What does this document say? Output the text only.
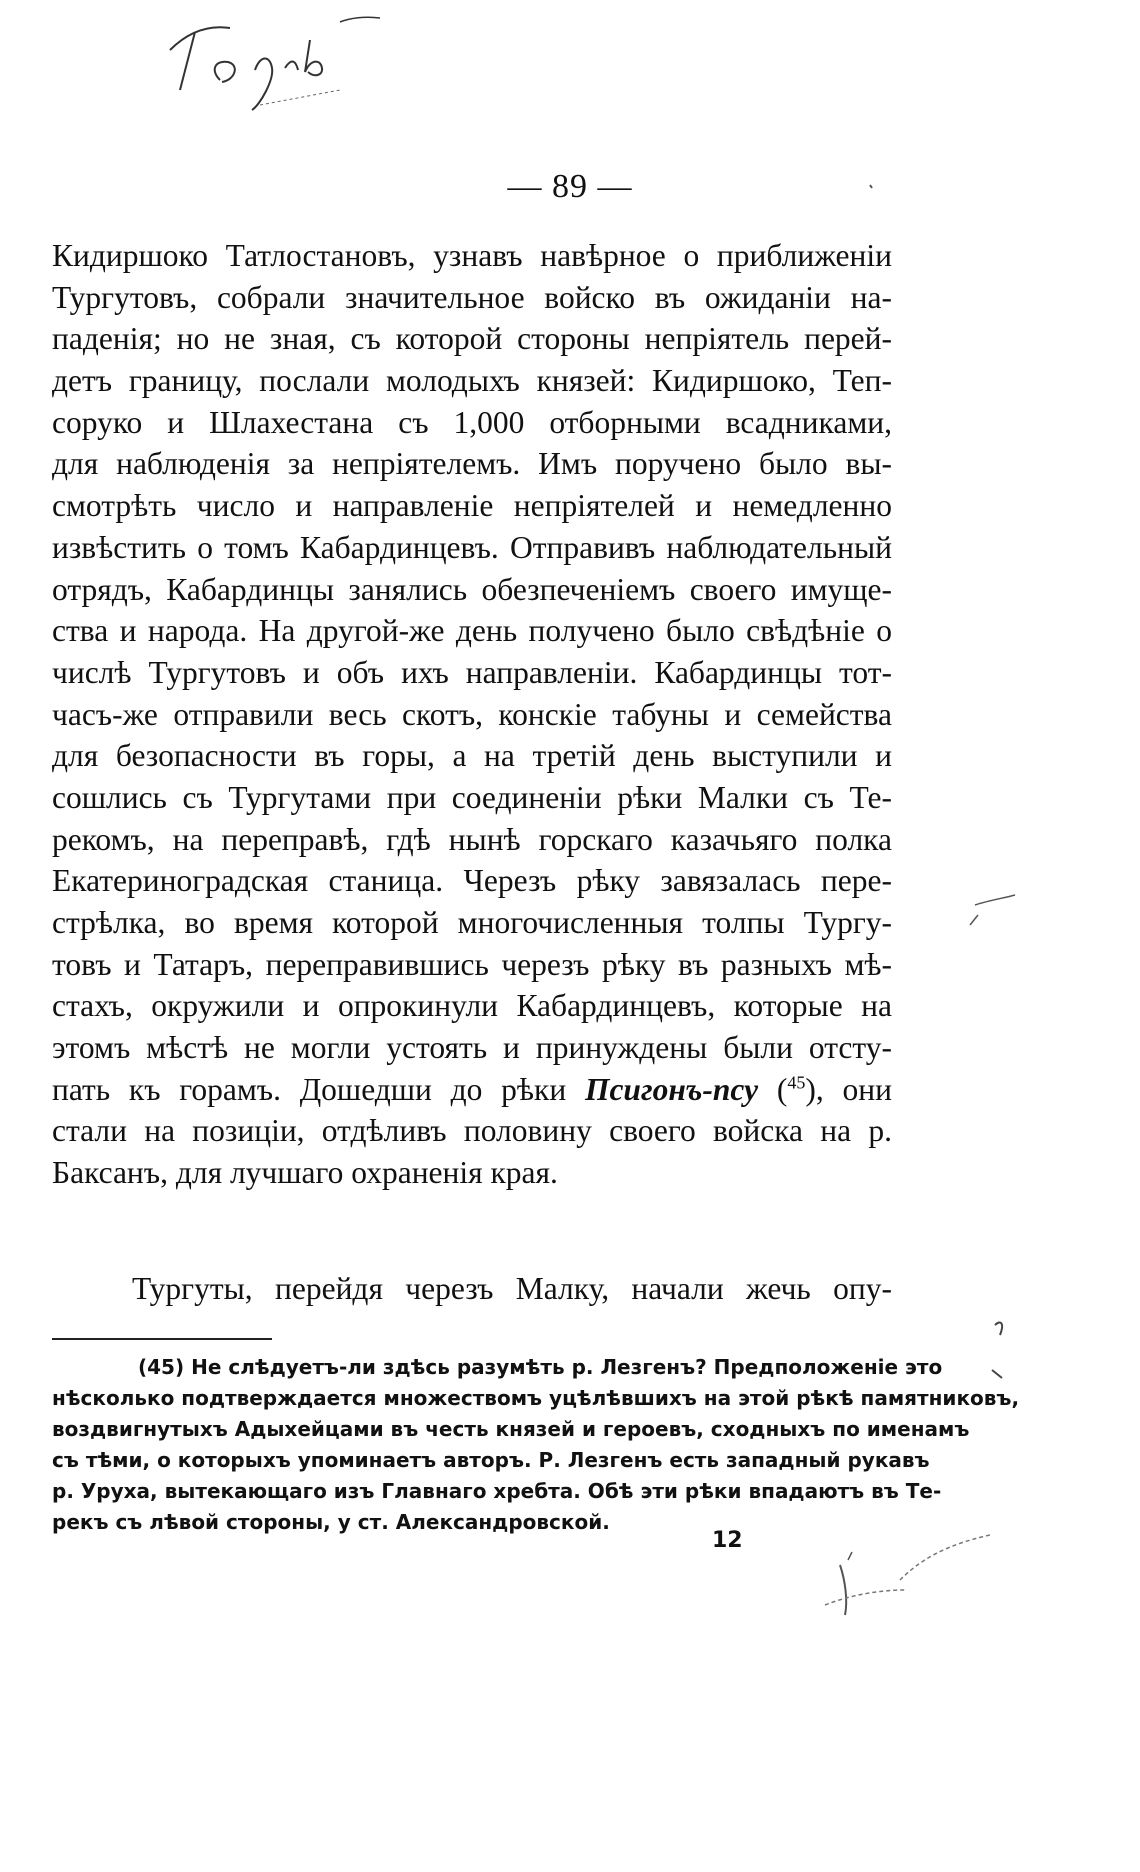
— 89 —
Кидиршоко Татлостановъ, узнавъ навѣрное о приближеніи
Тургутовъ, собрали значительное войско въ ожиданіи на-
паденія; но не зная, съ которой стороны непріятель перей-
детъ границу, послали молодыхъ князей: Кидиршоко, Теп-
соруко и Шлахестана съ 1,000 отборными всадниками,
для наблюденія за непріятелемъ. Имъ поручено было вы-
смотрѣть число и направленіе непріятелей и немедленно
извѣстить о томъ Кабардинцевъ. Отправивъ наблюдательный
отрядъ, Кабардинцы занялись обезпеченіемъ своего имуще-
ства и народа. На другой-же день получено было свѣдѣніе о
числѣ Тургутовъ и объ ихъ направленіи. Кабардинцы тот-
часъ-же отправили весь скотъ, конскіе табуны и семейства
для безопасности въ горы, а на третій день выступили и
сошлись съ Тургутами при соединеніи рѣки Малки съ Те-
рекомъ, на переправѣ, гдѣ нынѣ горскаго казачьяго полка
Екатериноградская станица. Черезъ рѣку завязалась пере-
стрѣлка, во время которой многочисленныя толпы Тургу-
товъ и Татаръ, переправившись черезъ рѣку въ разныхъ мѣ-
стахъ, окружили и опрокинули Кабардинцевъ, которые на
этомъ мѣстѣ не могли устоять и принуждены были отсту-
пать къ горамъ. Дошедши до рѣки Псигонъ-псу ($^{45}$), они
стали на позиціи, отдѣливъ половину своего войска на р.
Баксанъ, для лучшаго охраненія края.
Тургуты, перейдя черезъ Малку, начали жечь опу-
(45) Не слѣдуетъ-ли здѣсь разумѣть р. Лезгенъ? Предположеніе это
нѣсколько подтверждается множествомъ уцѣлѣвшихъ на этой рѣкѣ памятниковъ,
воздвигнутыхъ Адыхейцами въ честь князей и героевъ, сходныхъ по именамъ
съ тѣми, о которыхъ упоминаетъ авторъ. Р. Лезгенъ есть западный рукавъ
р. Уруха, вытекающаго изъ Главнаго хребта. Обѣ эти рѣки впадаютъ въ Те-
рекъ съ лѣвой стороны, у ст. Александровской.
12
